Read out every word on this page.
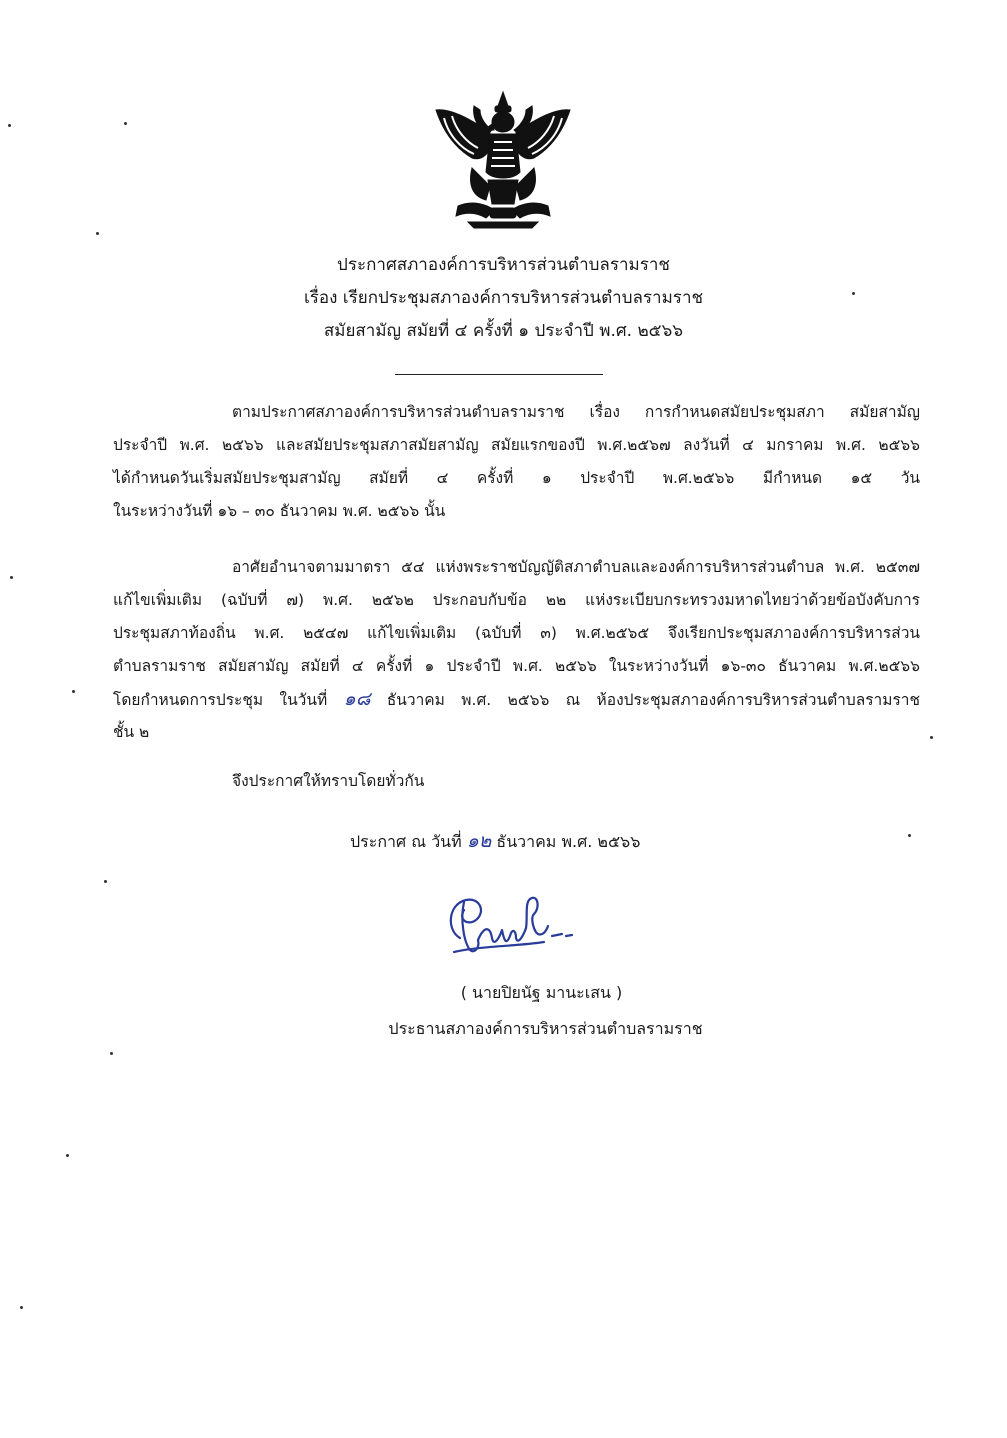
ประกาศสภาองค์การบริหารส่วนตำบลรามราช
เรื่อง เรียกประชุมสภาองค์การบริหารส่วนตำบลรามราช
สมัยสามัญ สมัยที่ ๔ ครั้งที่ ๑ ประจำปี พ.ศ. ๒๕๖๖
ตามประกาศสภาองค์การบริหารส่วนตำบลรามราช เรื่อง การกำหนดสมัยประชุมสภา สมัยสามัญ
ประจำปี พ.ศ. ๒๕๖๖ และสมัยประชุมสภาสมัยสามัญ สมัยแรกของปี พ.ศ.๒๕๖๗ ลงวันที่ ๔ มกราคม พ.ศ. ๒๕๖๖
ได้กำหนดวันเริ่มสมัยประชุมสามัญ สมัยที่ ๔ ครั้งที่ ๑ ประจำปี พ.ศ.๒๕๖๖ มีกำหนด ๑๕ วัน
ในระหว่างวันที่ ๑๖ – ๓๐ ธันวาคม พ.ศ. ๒๕๖๖ นั้น
อาศัยอำนาจตามมาตรา ๕๔ แห่งพระราชบัญญัติสภาตำบลและองค์การบริหารส่วนตำบล พ.ศ. ๒๕๓๗
แก้ไขเพิ่มเติม (ฉบับที่ ๗) พ.ศ. ๒๕๖๒ ประกอบกับข้อ ๒๒ แห่งระเบียบกระทรวงมหาดไทยว่าด้วยข้อบังคับการ
ประชุมสภาท้องถิ่น พ.ศ. ๒๕๔๗ แก้ไขเพิ่มเติม (ฉบับที่ ๓) พ.ศ.๒๕๖๕ จึงเรียกประชุมสภาองค์การบริหารส่วน
ตำบลรามราช สมัยสามัญ สมัยที่ ๔ ครั้งที่ ๑ ประจำปี พ.ศ. ๒๕๖๖ ในระหว่างวันที่ ๑๖-๓๐ ธันวาคม พ.ศ.๒๕๖๖
โดยกำหนดการประชุม ในวันที่ ๑๘ ธันวาคม พ.ศ. ๒๕๖๖ ณ ห้องประชุมสภาองค์การบริหารส่วนตำบลรามราช
ชั้น ๒
จึงประกาศให้ทราบโดยทั่วกัน
ประกาศ ณ วันที่ ๑๒ ธันวาคม พ.ศ. ๒๕๖๖
( นายปิยนัฐ มานะเสน )
ประธานสภาองค์การบริหารส่วนตำบลรามราช
